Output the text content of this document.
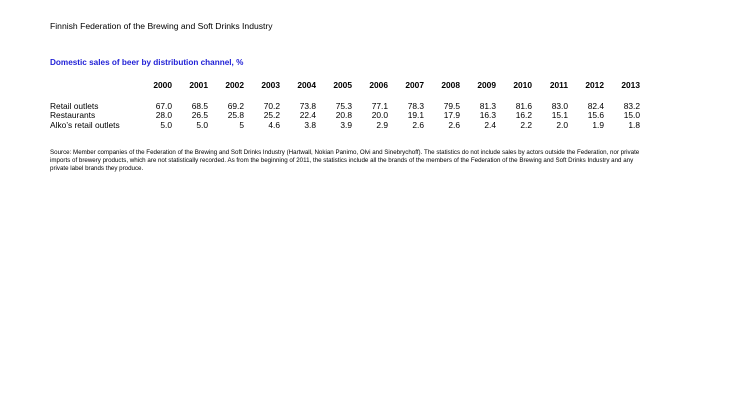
Finnish Federation of the Brewing and Soft Drinks Industry
Domestic sales of beer by distribution channel, %
	2000	2001	2002	2003	2004	2005	2006	2007	2008	2009	2010	2011	2012	2013

Retail outlets	67.0	68.5	69.2	70.2	73.8	75.3	77.1	78.3	79.5	81.3	81.6	83.0	82.4	83.2
Restaurants	28.0	26.5	25.8	25.2	22.4	20.8	20.0	19.1	17.9	16.3	16.2	15.1	15.6	15.0
Alko’s retail outlets	5.0	5.0	5	4.6	3.8	3.9	2.9	2.6	2.6	2.4	2.2	2.0	1.9	1.8
Source: Member companies of the Federation of the Brewing and Soft Drinks Industry (Hartwall, Nokian Panimo, Olvi and Sinebrychoff). The statistics do not include sales by actors outside the Federation, nor private imports of brewery products, which are not statistically recorded. As from the beginning of 2011, the statistics include all the brands of the members of the Federation of the Brewing and Soft Drinks Industry and any private label brands they produce.
